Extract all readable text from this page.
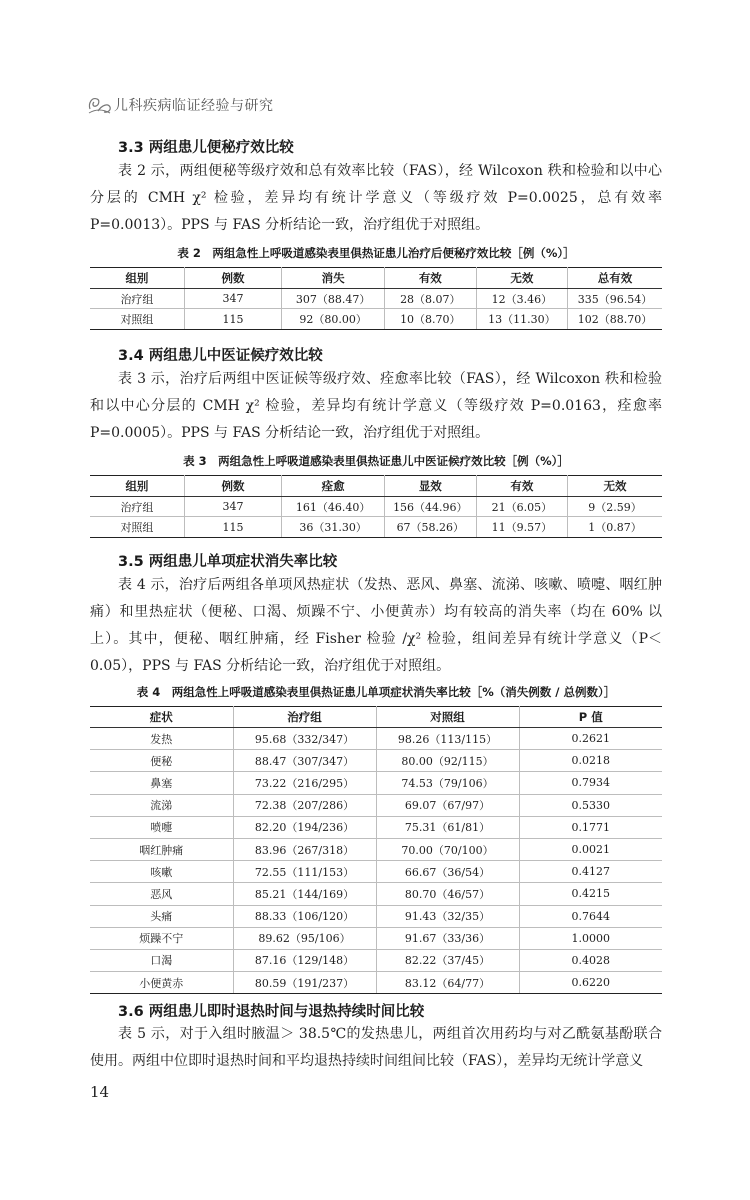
儿科疾病临证经验与研究
3.3 两组患儿便秘疗效比较

表 2 示，两组便秘等级疗效和总有效率比较（FAS），经 Wilcoxon 秩和检验和以中心分层的 CMH χ² 检验，差异均有统计学意义（等级疗效 P=0.0025，总有效率 P=0.0013）。PPS 与 FAS 分析结论一致，治疗组优于对照组。

表 2　两组急性上呼吸道感染表里俱热证患儿治疗后便秘疗效比较［例（%）］
组别	例数	消失	有效	无效	总有效
治疗组	347	307（88.47）	28（8.07）	12（3.46）	335（96.54）
对照组	115	92（80.00）	10（8.70）	13（11.30）	102（88.70）
3.4 两组患儿中医证候疗效比较

表 3 示，治疗后两组中医证候等级疗效、痊愈率比较（FAS），经 Wilcoxon 秩和检验和以中心分层的 CMH χ² 检验，差异均有统计学意义（等级疗效 P=0.0163，痊愈率 P=0.0005）。PPS 与 FAS 分析结论一致，治疗组优于对照组。

表 3　两组急性上呼吸道感染表里俱热证患儿中医证候疗效比较［例（%）］
组别	例数	痊愈	显效	有效	无效
治疗组	347	161（46.40）	156（44.96）	21（6.05）	9（2.59）
对照组	115	36（31.30）	67（58.26）	11（9.57）	1（0.87）
3.5 两组患儿单项症状消失率比较

表 4 示，治疗后两组各单项风热症状（发热、恶风、鼻塞、流涕、咳嗽、喷嚏、咽红肿痛）和里热症状（便秘、口渴、烦躁不宁、小便黄赤）均有较高的消失率（均在 60% 以上）。其中，便秘、咽红肿痛，经 Fisher 检验 /χ² 检验，组间差异有统计学意义（P＜0.05），PPS 与 FAS 分析结论一致，治疗组优于对照组。

表 4　两组急性上呼吸道感染表里俱热证患儿单项症状消失率比较［%（消失例数 / 总例数）］
症状	治疗组	对照组	P 值
发热	95.68（332/347）	98.26（113/115）	0.2621
便秘	88.47（307/347）	80.00（92/115）	0.0218
鼻塞	73.22（216/295）	74.53（79/106）	0.7934
流涕	72.38（207/286）	69.07（67/97）	0.5330
喷嚏	82.20（194/236）	75.31（61/81）	0.1771
咽红肿痛	83.96（267/318）	70.00（70/100）	0.0021
咳嗽	72.55（111/153）	66.67（36/54）	0.4127
恶风	85.21（144/169）	80.70（46/57）	0.4215
头痛	88.33（106/120）	91.43（32/35）	0.7644
烦躁不宁	89.62（95/106）	91.67（33/36）	1.0000
口渴	87.16（129/148）	82.22（37/45）	0.4028
小便黄赤	80.59（191/237）	83.12（64/77）	0.6220
3.6 两组患儿即时退热时间与退热持续时间比较

表 5 示，对于入组时腋温＞ 38.5℃的发热患儿，两组首次用药均与对乙酰氨基酚联合使用。两组中位即时退热时间和平均退热持续时间组间比较（FAS），差异均无统计学意义

14
